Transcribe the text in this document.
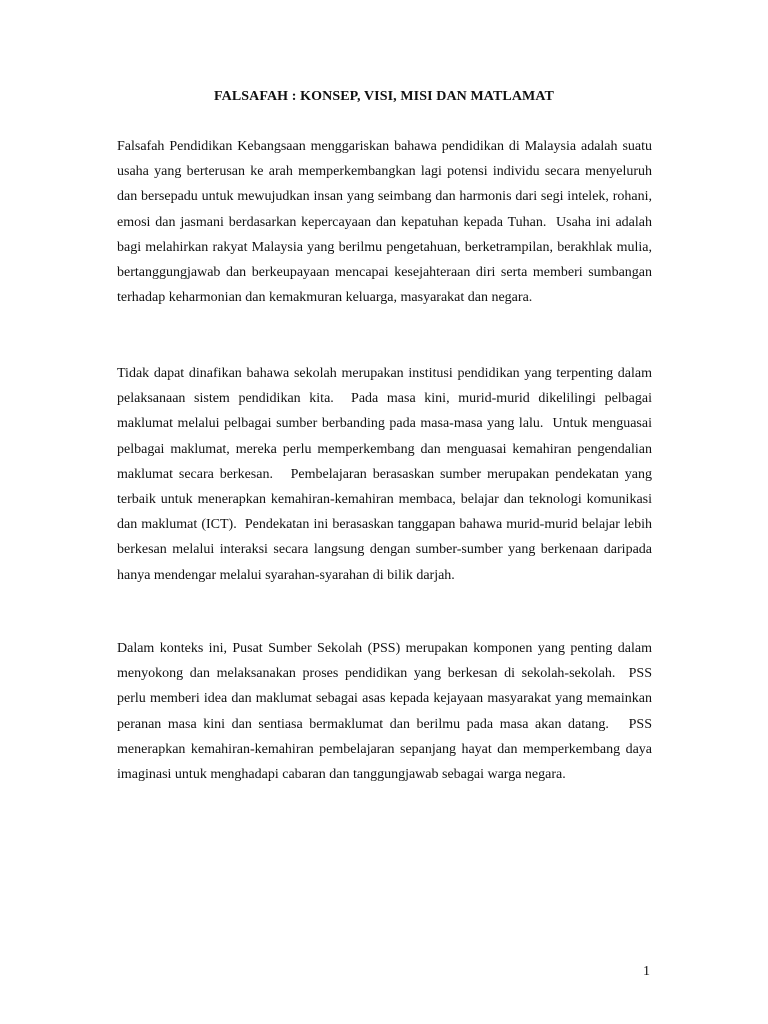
FALSAFAH : KONSEP, VISI, MISI DAN MATLAMAT

Falsafah Pendidikan Kebangsaan menggariskan bahawa pendidikan di Malaysia adalah suatu usaha yang berterusan ke arah memperkembangkan lagi potensi individu secara menyeluruh dan bersepadu untuk mewujudkan insan yang seimbang dan harmonis dari segi intelek, rohani, emosi dan jasmani berdasarkan kepercayaan dan kepatuhan kepada Tuhan.  Usaha ini adalah bagi melahirkan rakyat Malaysia yang berilmu pengetahuan, berketrampilan, berakhlak mulia, bertanggungjawab dan berkeupayaan mencapai kesejahteraan diri serta memberi sumbangan terhadap keharmonian dan kemakmuran keluarga, masyarakat dan negara.

Tidak dapat dinafikan bahawa sekolah merupakan institusi pendidikan yang terpenting dalam pelaksanaan sistem pendidikan kita.  Pada masa kini, murid-murid dikelilingi pelbagai maklumat melalui pelbagai sumber berbanding pada masa-masa yang lalu.  Untuk menguasai pelbagai maklumat, mereka perlu memperkembang dan menguasai kemahiran pengendalian maklumat secara berkesan.   Pembelajaran berasaskan sumber merupakan pendekatan yang terbaik untuk menerapkan kemahiran-kemahiran membaca, belajar dan teknologi komunikasi dan maklumat (ICT).  Pendekatan ini berasaskan tanggapan bahawa murid-murid belajar lebih berkesan melalui interaksi secara langsung dengan sumber-sumber yang berkenaan daripada hanya mendengar melalui syarahan-syarahan di bilik darjah.

Dalam konteks ini, Pusat Sumber Sekolah (PSS) merupakan komponen yang penting dalam menyokong dan melaksanakan proses pendidikan yang berkesan di sekolah-sekolah.  PSS perlu memberi idea dan maklumat sebagai asas kepada kejayaan masyarakat yang memainkan peranan masa kini dan sentiasa bermaklumat dan berilmu pada masa akan datang.   PSS menerapkan kemahiran-kemahiran pembelajaran sepanjang hayat dan memperkembang daya imaginasi untuk menghadapi cabaran dan tanggungjawab sebagai warga negara.

1
